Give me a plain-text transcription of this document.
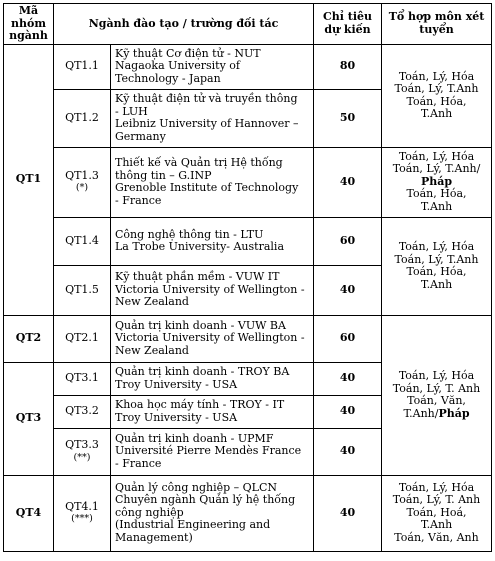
Mã nhóm ngành	Ngành đào tạo / trường đối tác		Chỉ tiêu dự kiến	Tổ hợp môn xét tuyển
QT1	QT1.1	Kỹ thuật Cơ điện tử - NUT
Nagaoka University of
Technology - Japan	80	Toán, Lý, Hóa
Toán, Lý, T.Anh
Toán, Hóa,
T.Anh

	QT1.2	Kỹ thuật điện tử và truyền thông
- LUH
Leibniz University of Hannover –
Germany	50	

	QT1.3
(*)	Thiết kế và Quản trị Hệ thống
thông tin – G.INP
Grenoble Institute of Technology
- France	40	Toán, Lý, Hóa
Toán, Lý, T.Anh/
Pháp
Toán, Hóa,
T.Anh

	QT1.4	Công nghệ thông tin - LTU
La Trobe University- Australia	60	Toán, Lý, Hóa
Toán, Lý, T.Anh
Toán, Hóa,
T.Anh

	QT1.5	Kỹ thuật phần mềm - VUW IT
Victoria University of Wellington -
New Zealand	40	
QT2	QT2.1	Quản trị kinh doanh - VUW BA
Victoria University of Wellington -
New Zealand	60	Toán, Lý, Hóa
Toán, Lý, T. Anh
Toán, Văn,
T.Anh/Pháp

QT3	QT3.1	Quản trị kinh doanh - TROY BA
Troy University - USA	40	

	QT3.2	Khoa học máy tính - TROY - IT
Troy University - USA	40	

	QT3.3
(**)	Quản trị kinh doanh - UPMF
Université Pierre Mendès France
- France	40	
QT4	QT4.1
(***)	Quản lý công nghiệp – QLCN
Chuyên ngành Quản lý hệ thống
công nghiệp
(Industrial Engineering and
Management)	40	Toán, Lý, Hóa
Toán, Lý, T. Anh
Toán, Hoá,
T.Anh
Toán, Văn, Anh
